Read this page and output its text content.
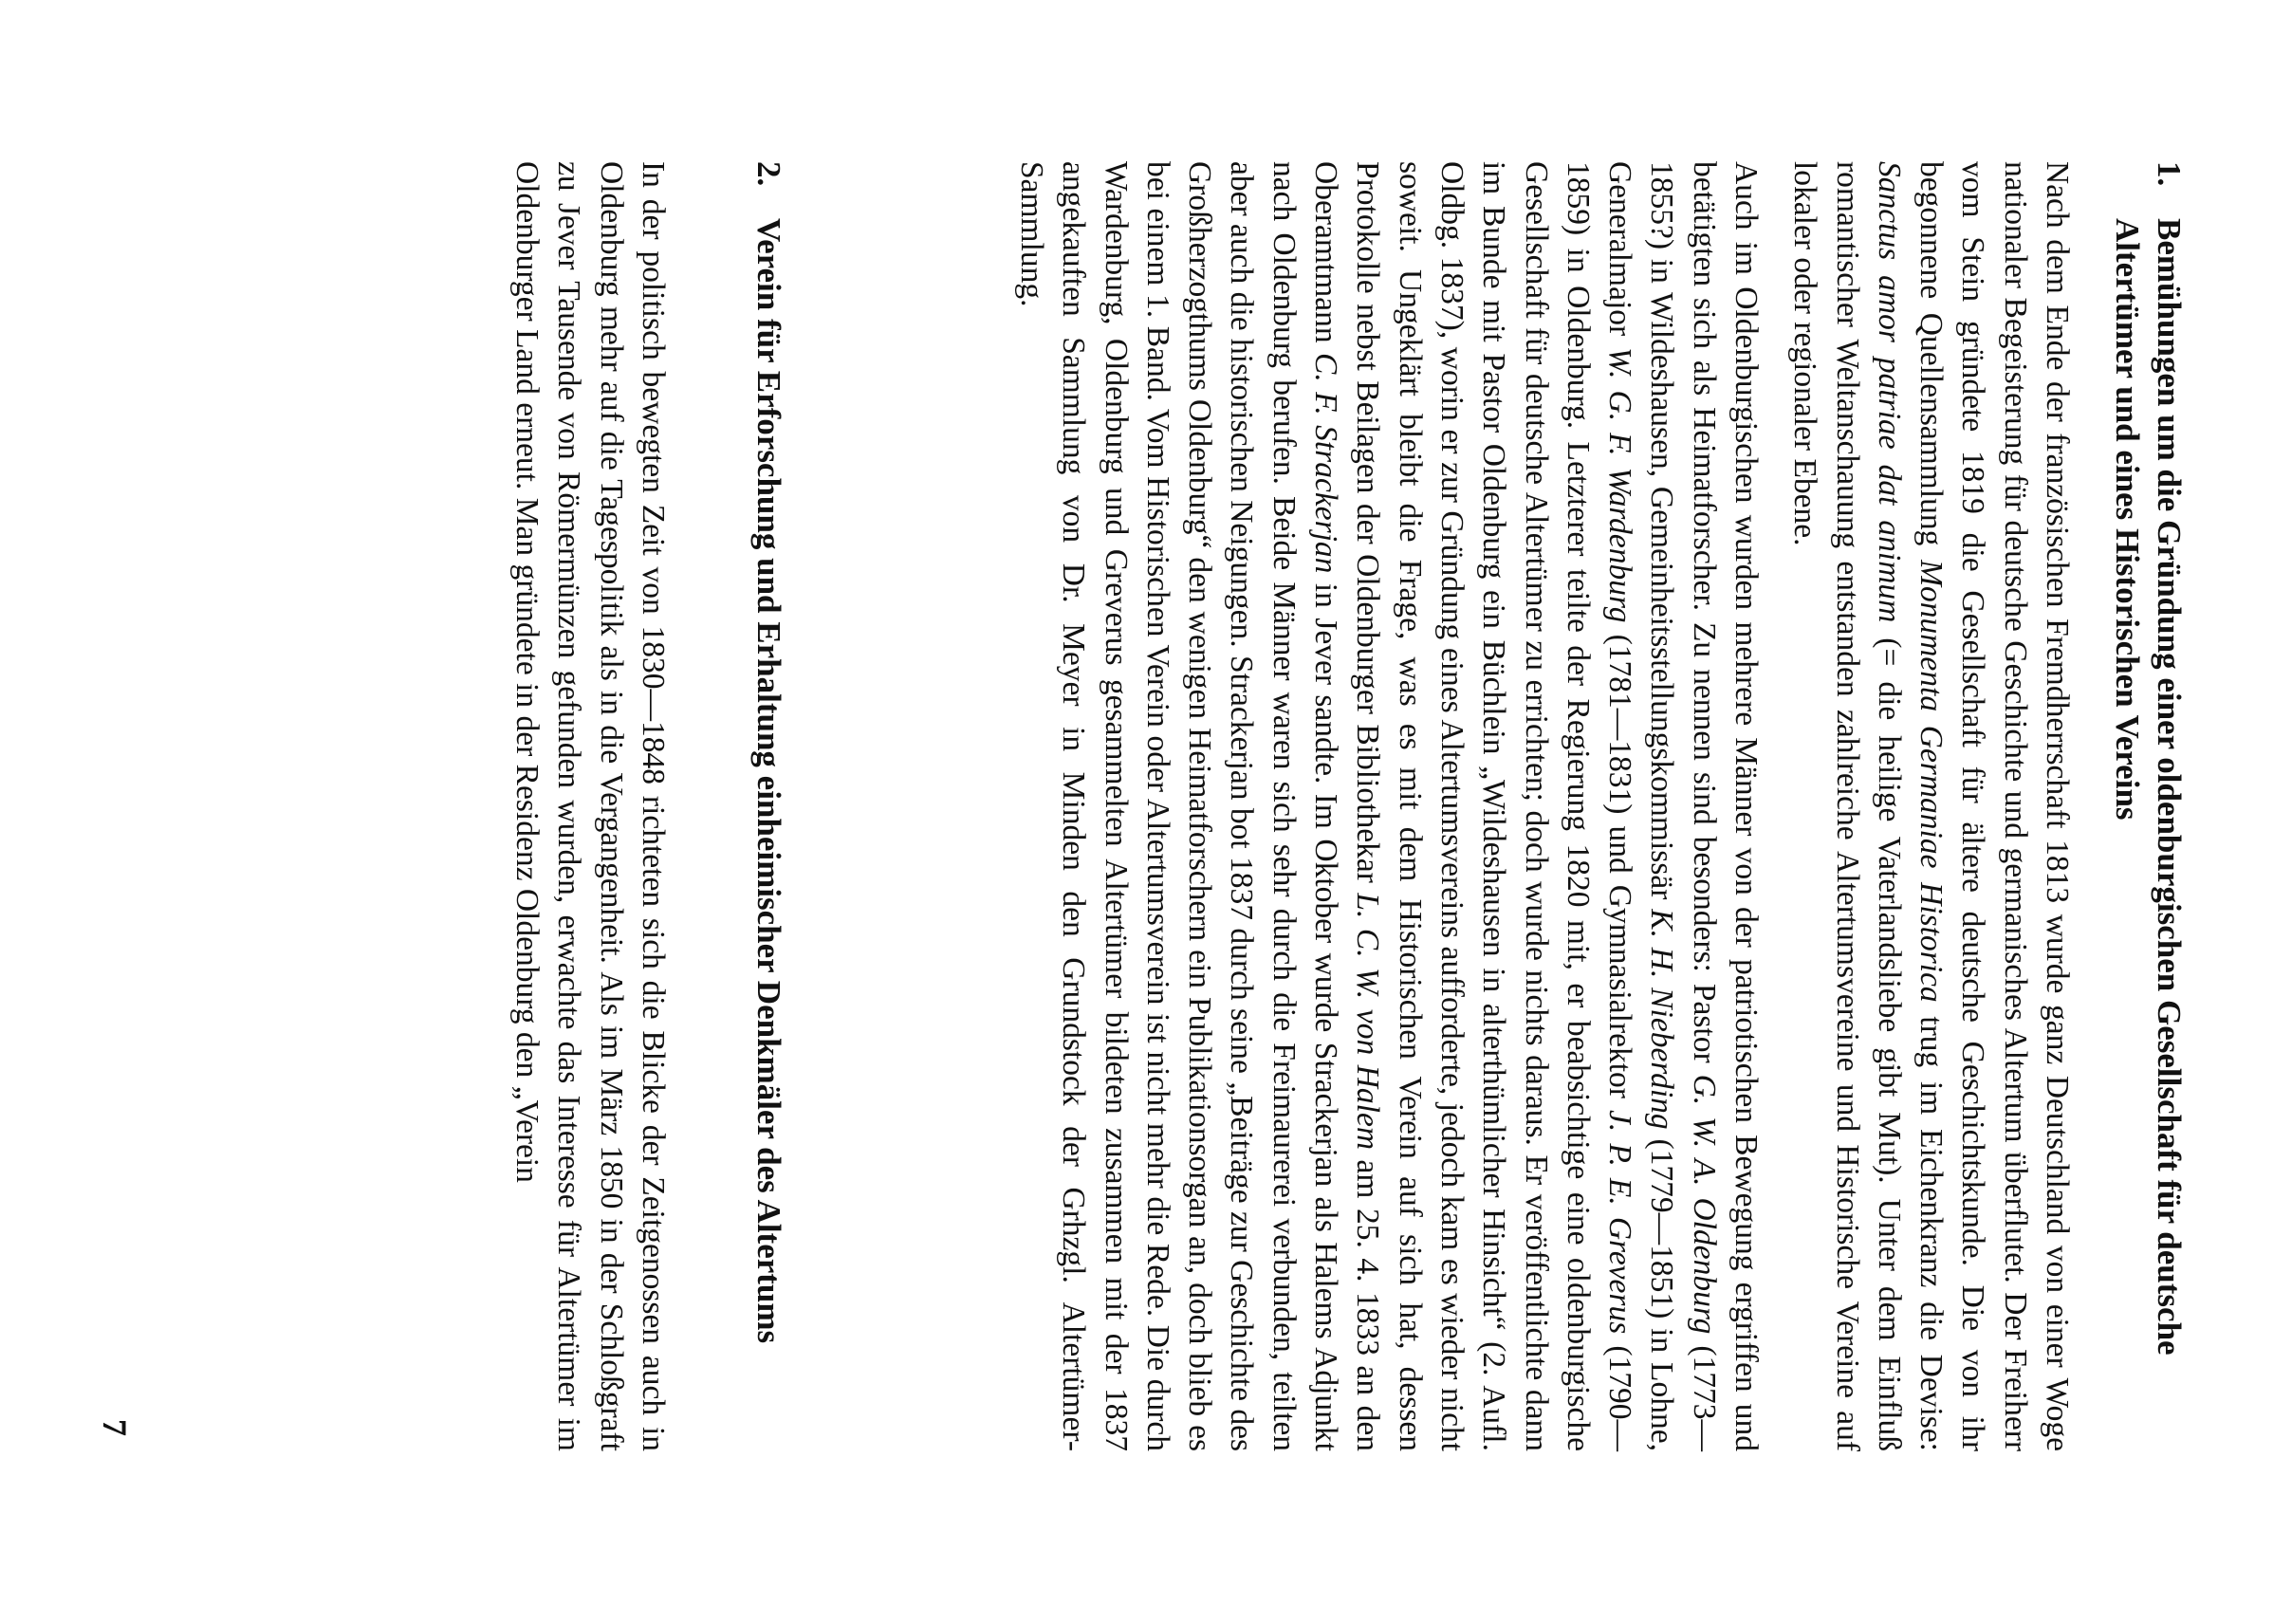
1.
Bemühungen um die Gründung einer oldenburgischen Gesellschaft für deutsche Altertümer und eines Historischen Vereins

Nach dem Ende der französischen Fremdherrschaft 1813 wurde ganz Deutschland von einer Woge nationaler Begeisterung für deutsche Geschichte und germanisches Altertum überflutet. Der Freiherr vom Stein gründete 1819 die Gesellschaft für ältere deutsche Geschichtskunde. Die von ihr begonnene Quellensammlung Monumenta Germaniae Historica trug im Eichenkranz die Devise: Sanctus amor patriae dat animum (= die heilige Vaterlandsliebe gibt Mut). Unter dem Einfluß romantischer Weltanschauung entstanden zahlreiche Altertumsvereine und Historische Vereine auf lokaler oder regionaler Ebene.

Auch im Oldenburgischen wurden mehrere Männer von der patriotischen Bewegung ergriffen und betätigten sich als Heimatforscher. Zu nennen sind besonders: Pastor G. W. A. Oldenburg (1773—1855?) in Wildeshausen, Gemeinheitsstellungskommissär K. H. Nieberding (1779—1851) in Lohne, Generalmajor W. G. F. Wardenburg (1781—1831) und Gymnasialrektor J. P. E. Greverus (1790—1859) in Oldenburg. Letzterer teilte der Regierung 1820 mit, er beabsichtige eine oldenburgische Gesellschaft für deutsche Altertümer zu errichten; doch wurde nichts daraus. Er veröffentlichte dann im Bunde mit Pastor Oldenburg ein Büchlein „Wildeshausen in alterthümlicher Hinsicht“ (2. Aufl. Oldbg. 1837), worin er zur Gründung eines Altertumsvereins aufforderte, jedoch kam es wieder nicht soweit. Ungeklärt bleibt die Frage, was es mit dem Historischen Verein auf sich hat, dessen Protokolle nebst Beilagen der Oldenburger Bibliothekar L. C. W. von Halem am 25. 4. 1833 an den Oberamtmann C. F. Strackerjan in Jever sandte. Im Oktober wurde Strackerjan als Halems Adjunkt nach Oldenburg berufen. Beide Männer waren sich sehr durch die Freimaurerei verbunden, teilten aber auch die historischen Neigungen. Strackerjan bot 1837 durch seine „Beiträge zur Geschichte des Großherzogthums Oldenburg“ den wenigen Heimatforschern ein Publikationsorgan an, doch blieb es bei einem 1. Band. Vom Historischen Verein oder Altertumsverein ist nicht mehr die Rede. Die durch Wardenburg, Oldenburg und Greverus gesammelten Altertümer bildeten zusammen mit der 1837 angekauften Sammlung von Dr. Meyer in Minden den Grundstock der Grhzgl. Altertümer-Sammlung.

2.
Verein für Erforschung und Erhaltung einheimischer Denkmäler des Altertums

In der politisch bewegten Zeit von 1830—1848 richteten sich die Blicke der Zeitgenossen auch in Oldenburg mehr auf die Tagespolitik als in die Vergangenheit. Als im März 1850 in der Schloßgraft zu Jever Tausende von Römermünzen gefunden wurden, erwachte das Interesse für Altertümer im Oldenburger Land erneut. Man gründete in der Residenz Oldenburg den „Verein

7
